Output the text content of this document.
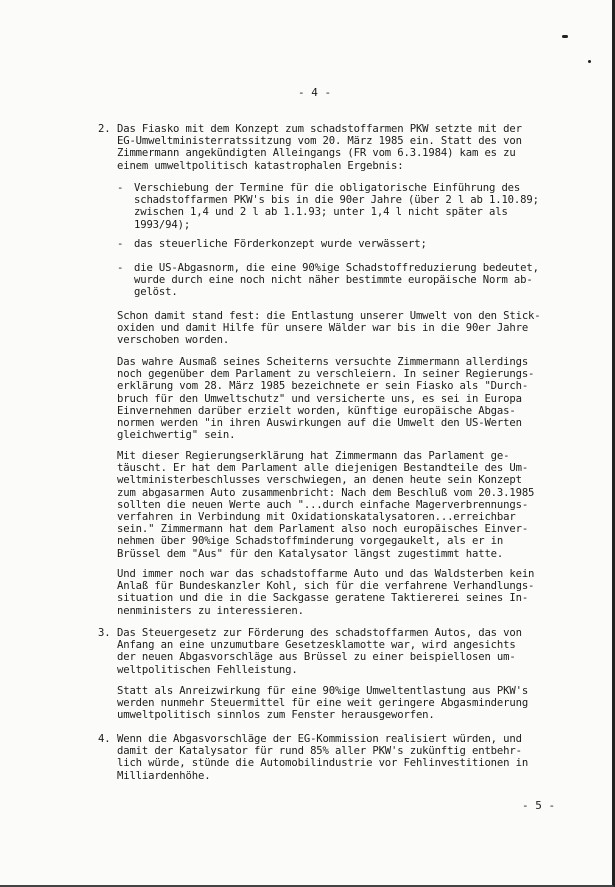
- 4 -
2. Das Fiasko mit dem Konzept zum schadstoffarmen PKW setzte mit der
EG-Umweltministerratssitzung vom 20. März 1985 ein. Statt des von
Zimmermann angekündigten Alleingangs (FR vom 6.3.1984) kam es zu
einem umweltpolitisch katastrophalen Ergebnis:
- Verschiebung der Termine für die obligatorische Einführung des
schadstoffarmen PKW's bis in die 90er Jahre (über 2 l ab 1.10.89;
zwischen 1,4 und 2 l ab 1.1.93; unter 1,4 l nicht später als
1993/94);
- das steuerliche Förderkonzept wurde verwässert;
- die US-Abgasnorm, die eine 90%ige Schadstoffreduzierung bedeutet,
wurde durch eine noch nicht näher bestimmte europäische Norm ab-
gelöst.
Schon damit stand fest: die Entlastung unserer Umwelt von den Stick-
oxiden und damit Hilfe für unsere Wälder war bis in die 90er Jahre
verschoben worden.
Das wahre Ausmaß seines Scheiterns versuchte Zimmermann allerdings
noch gegenüber dem Parlament zu verschleiern. In seiner Regierungs-
erklärung vom 28. März 1985 bezeichnete er sein Fiasko als "Durch-
bruch für den Umweltschutz" und versicherte uns, es sei in Europa
Einvernehmen darüber erzielt worden, künftige europäische Abgas-
normen werden "in ihren Auswirkungen auf die Umwelt den US-Werten
gleichwertig" sein.
Mit dieser Regierungserklärung hat Zimmermann das Parlament ge-
täuscht. Er hat dem Parlament alle diejenigen Bestandteile des Um-
weltministerbeschlusses verschwiegen, an denen heute sein Konzept
zum abgasarmen Auto zusammenbricht: Nach dem Beschluß vom 20.3.1985
sollten die neuen Werte auch "...durch einfache Magerverbrennungs-
verfahren in Verbindung mit Oxidationskatalysatoren...erreichbar
sein." Zimmermann hat dem Parlament also noch europäisches Einver-
nehmen über 90%ige Schadstoffminderung vorgegaukelt, als er in
Brüssel dem "Aus" für den Katalysator längst zugestimmt hatte.
Und immer noch war das schadstoffarme Auto und das Waldsterben kein
Anlaß für Bundeskanzler Kohl, sich für die verfahrene Verhandlungs-
situation und die in die Sackgasse geratene Taktiererei seines In-
nenministers zu interessieren.
3. Das Steuergesetz zur Förderung des schadstoffarmen Autos, das von
Anfang an eine unzumutbare Gesetzesklamotte war, wird angesichts
der neuen Abgasvorschläge aus Brüssel zu einer beispiellosen um-
weltpolitischen Fehlleistung.
Statt als Anreizwirkung für eine 90%ige Umweltentlastung aus PKW's
werden nunmehr Steuermittel für eine weit geringere Abgasminderung
umweltpolitisch sinnlos zum Fenster herausgeworfen.
4. Wenn die Abgasvorschläge der EG-Kommission realisiert würden, und
damit der Katalysator für rund 85% aller PKW's zukünftig entbehr-
lich würde, stünde die Automobilindustrie vor Fehlinvestitionen in
Milliardenhöhe.
- 5 -
